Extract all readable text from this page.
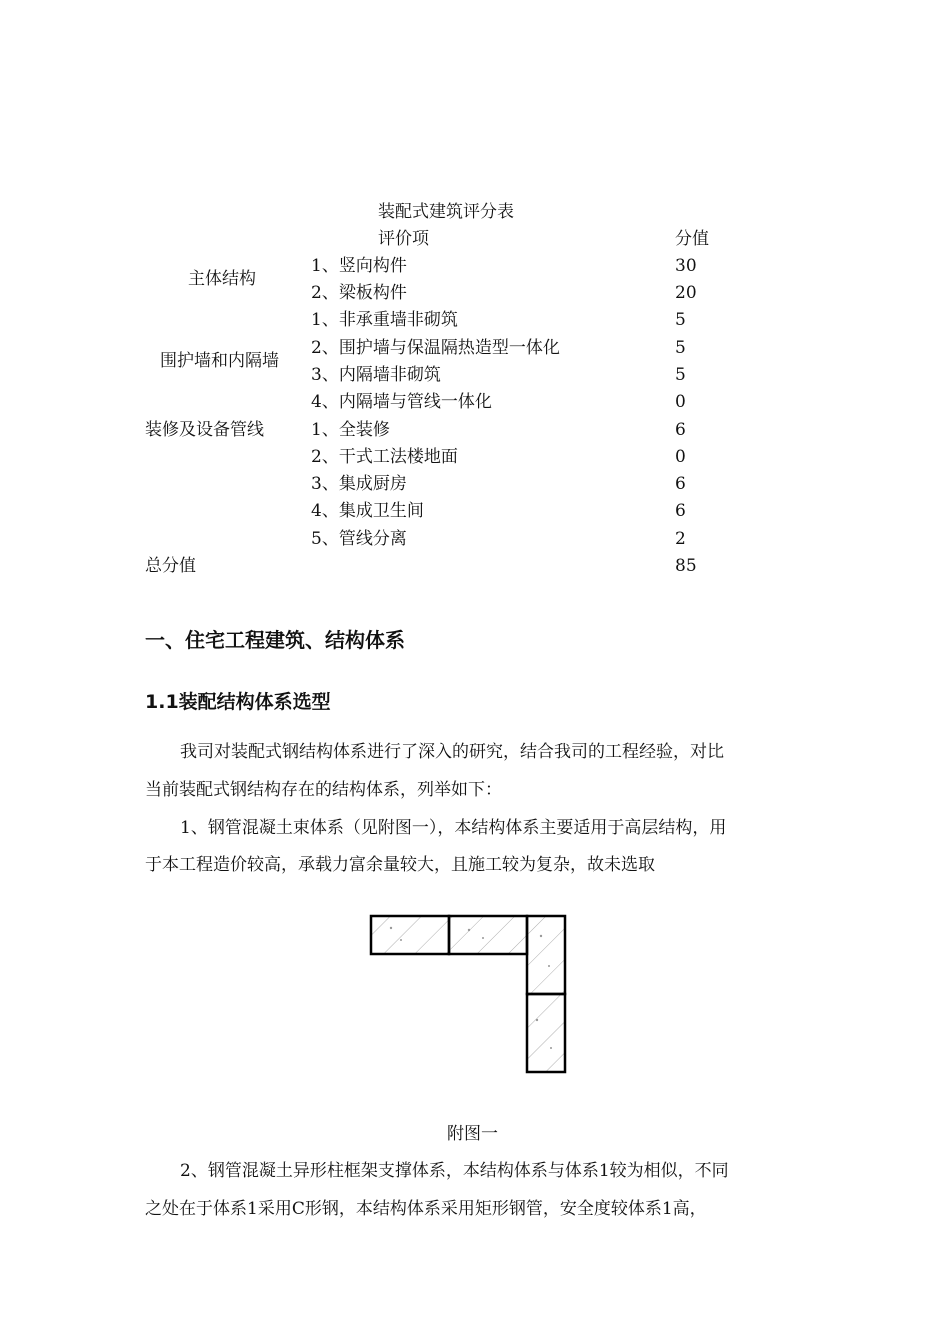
装配式建筑评分表
评价项	分值
主体结构
1、竖向构件	30
2、梁板构件	20
围护墙和内隔墙
1、非承重墙非砌筑	5
2、围护墙与保温隔热造型一体化	5
3、内隔墙非砌筑	5
4、内隔墙与管线一体化	0
装修及设备管线	1、全装修	6
2、干式工法楼地面	0
3、集成厨房	6
4、集成卫生间	6
5、管线分离	2
总分值	85
一、住宅工程建筑、结构体系
1.1装配结构体系选型
我司对装配式钢结构体系进行了深入的研究，结合我司的工程经验，对比
当前装配式钢结构存在的结构体系，列举如下：
1、钢管混凝土束体系（见附图一），本结构体系主要适用于高层结构，用
于本工程造价较高，承载力富余量较大，且施工较为复杂，故未选取
附图一
2、钢管混凝土异形柱框架支撑体系，本结构体系与体系1较为相似，不同
之处在于体系1采用C形钢，本结构体系采用矩形钢管，安全度较体系1高，
